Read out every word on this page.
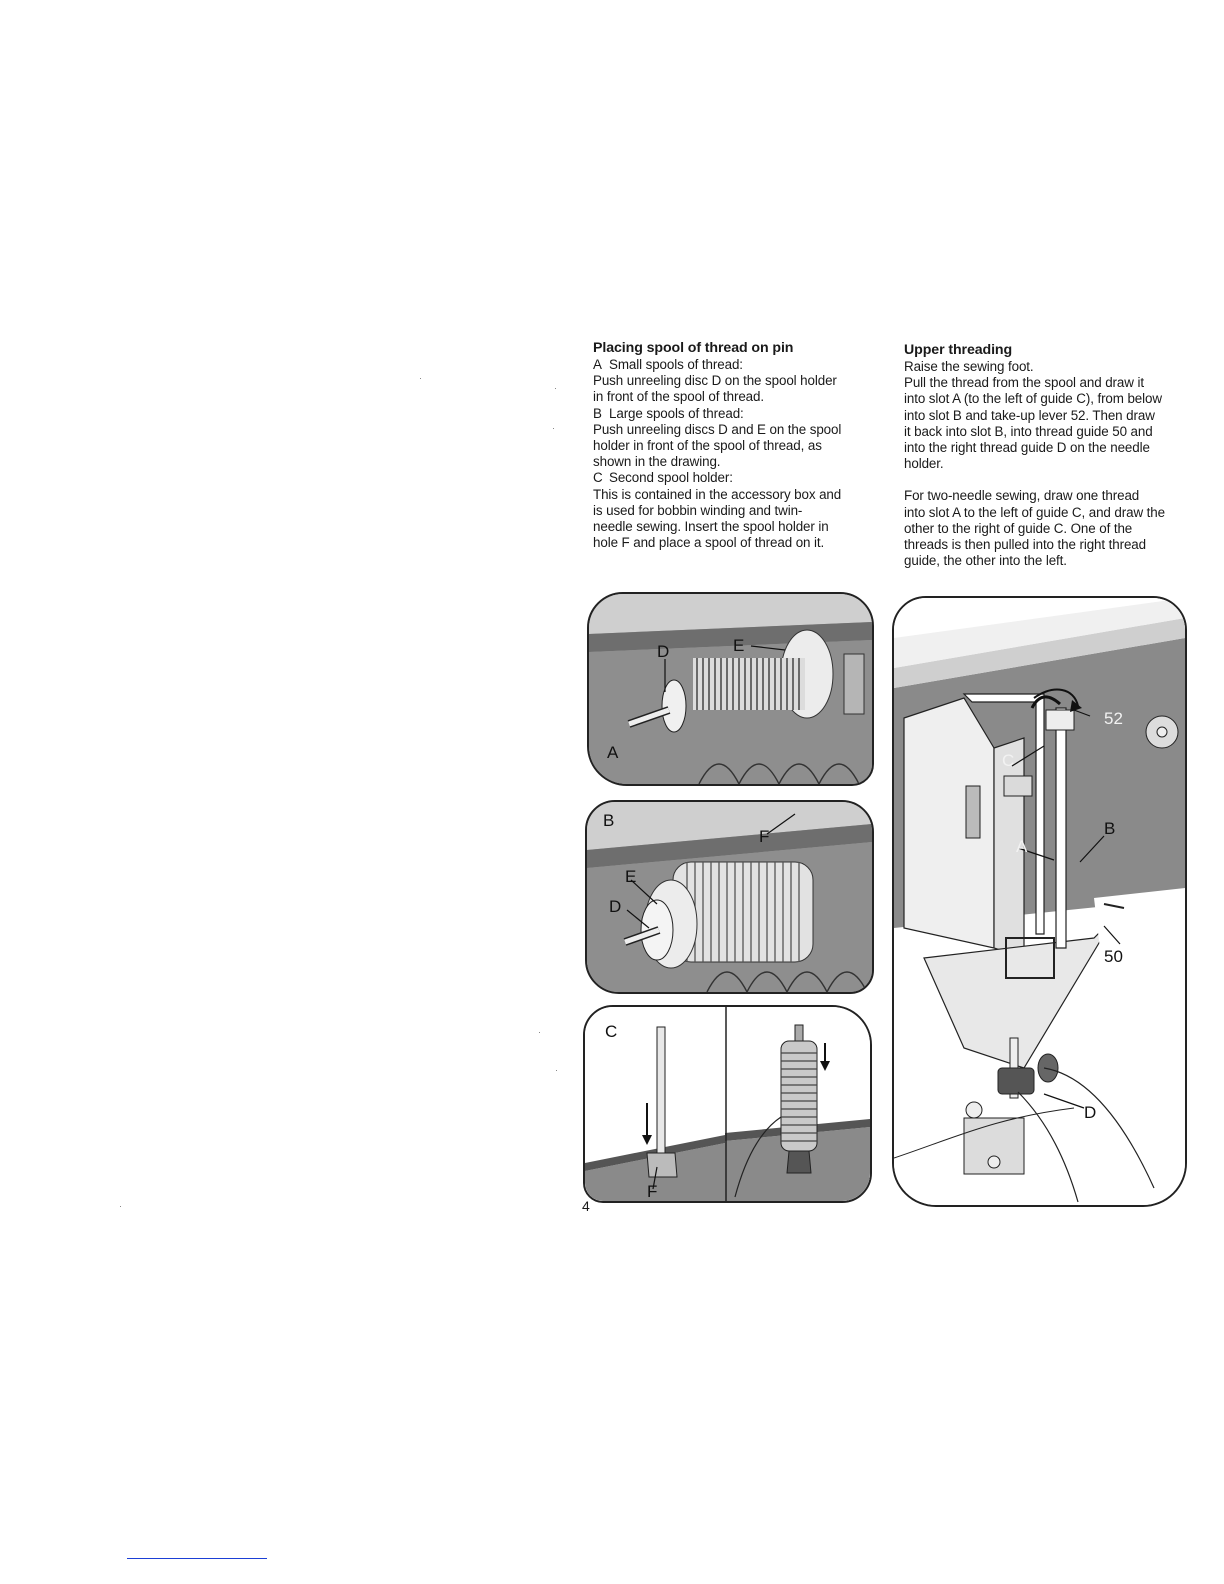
Placing spool of thread on pin
A Small spools of thread:
Push unreeling disc D on the spool holder
in front of the spool of thread.
B Large spools of thread:
Push unreeling discs D and E on the spool
holder in front of the spool of thread, as
shown in the drawing.
C Second spool holder:
This is contained in the accessory box and
is used for bobbin winding and twin-
needle sewing. Insert the spool holder in
hole F and place a spool of thread on it.
Upper threading
Raise the sewing foot.
Pull the thread from the spool and draw it
into slot A (to the left of guide C), from below
into slot B and take-up lever 52. Then draw
it back into slot B, into thread guide 50 and
into the right thread guide D on the needle
holder.
For two-needle sewing, draw one thread
into slot A to the left of guide C, and draw the
other to the right of guide C. One of the
threads is then pulled into the right thread
guide, the other into the left.
D	E
A
B
F
E
D
C
F
52
C
A
B
50
D
4
